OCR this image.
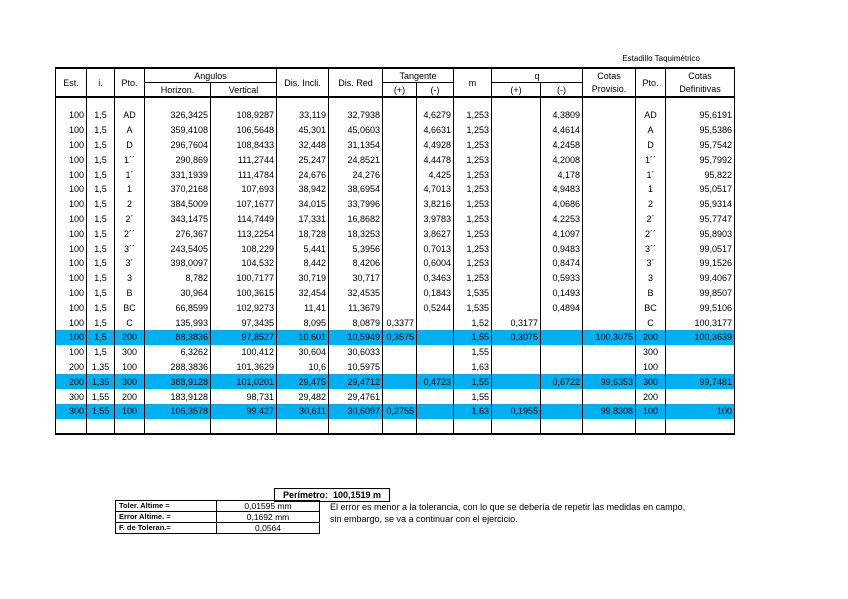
Estadillo Taquimétrico
Est.	i.	Pto.	Angulos		Dis. Incli.	Dis. Red	Tangente		m	q		Cotas	Pto.	Cotas
			Horizon.	Vertical			(+)	(-)		(+)	(-)	Provisio.		Definitivas

100	1,5	AD	326,3425	108,9287	33,119	32,7938		4,6279	1,253		4,3809		AD	95,6191
100	1,5	A	359,4108	106,5648	45,301	45,0603		4,6631	1,253		4,4614		A	95,5386
100	1,5	D	296,7604	108,8433	32,448	31,1354		4,4928	1,253		4,2458		D	95,7542
100	1,5	1´´	290,869	111,2744	25,247	24,8521		4,4478	1,253		4,2008		1´´	95,7992
100	1,5	1´	331,1939	111,4784	24,676	24,276		4,425	1,253		4,178		1´	95,822
100	1,5	1	370,2168	107,693	38,942	38,6954		4,7013	1,253		4,9483		1	95,0517
100	1,5	2	384,5009	107,1677	34,015	33,7996		3,8216	1,253		4,0686		2	95,9314
100	1,5	2´	343,1475	114,7449	17,331	16,8682		3,9783	1,253		4,2253		2´	95,7747
100	1,5	2´´	276,367	113,2254	18,728	18,3253		3,8627	1,253		4,1097		2´´	95,8903
100	1,5	3´´	243,5405	108,229	5,441	5,3956		0,7013	1,253		0,9483		3´´	99,0517
100	1,5	3´	398,0097	104,532	8,442	8,4206		0,6004	1,253		0,8474		3´	99,1526
100	1,5	3	8,782	100,7177	30,719	30,717		0,3463	1,253		0,5933		3	99,4067
100	1,5	B	30,964	100,3615	32,454	32,4535		0,1843	1,535		0,1493		B	99,8507
100	1,5	BC	66,8599	102,9273	11,41	11,3679		0,5244	1,535		0,4894		BC	99,5106
100	1,5	C	135,993	97,3435	8,095	8,0879	0,3377		1,52	0,3177			C	100,3177
100	1,5	200	88,3836	97,8527	10,601	10,5949	0,3575		1,55	0,3075		100,3075	200	100,3639
100	1,5	300	6,3262	100,412	30,604	30,6033			1,55				300	
200	1,35	100	288,3836	101,3629	10,6	10,5975			1,63				100	
200	1,35	300	388,9128	101,0201	29,475	29,4712		0,4723	1,55		0,6722	99,6353	300	99,7481
300	1,55	200	183,9128	98,731	29,482	29,4761			1,55				200	
300	1,55	100	106,3578	99,427	30,611	30,6097	0,2755		1,63	0,1955		99,8308	100	100

Perímetro: 100,1519 m
Toler. Altime =	0,01595 mm
Error Altime. =	0,1692 mm
F. de Toleran.=	0,0564
El error es menor a la tolerancia, con lo que se debería de repetir las medidas en campo,
sin embargo, se va a continuar con el ejercicio.
